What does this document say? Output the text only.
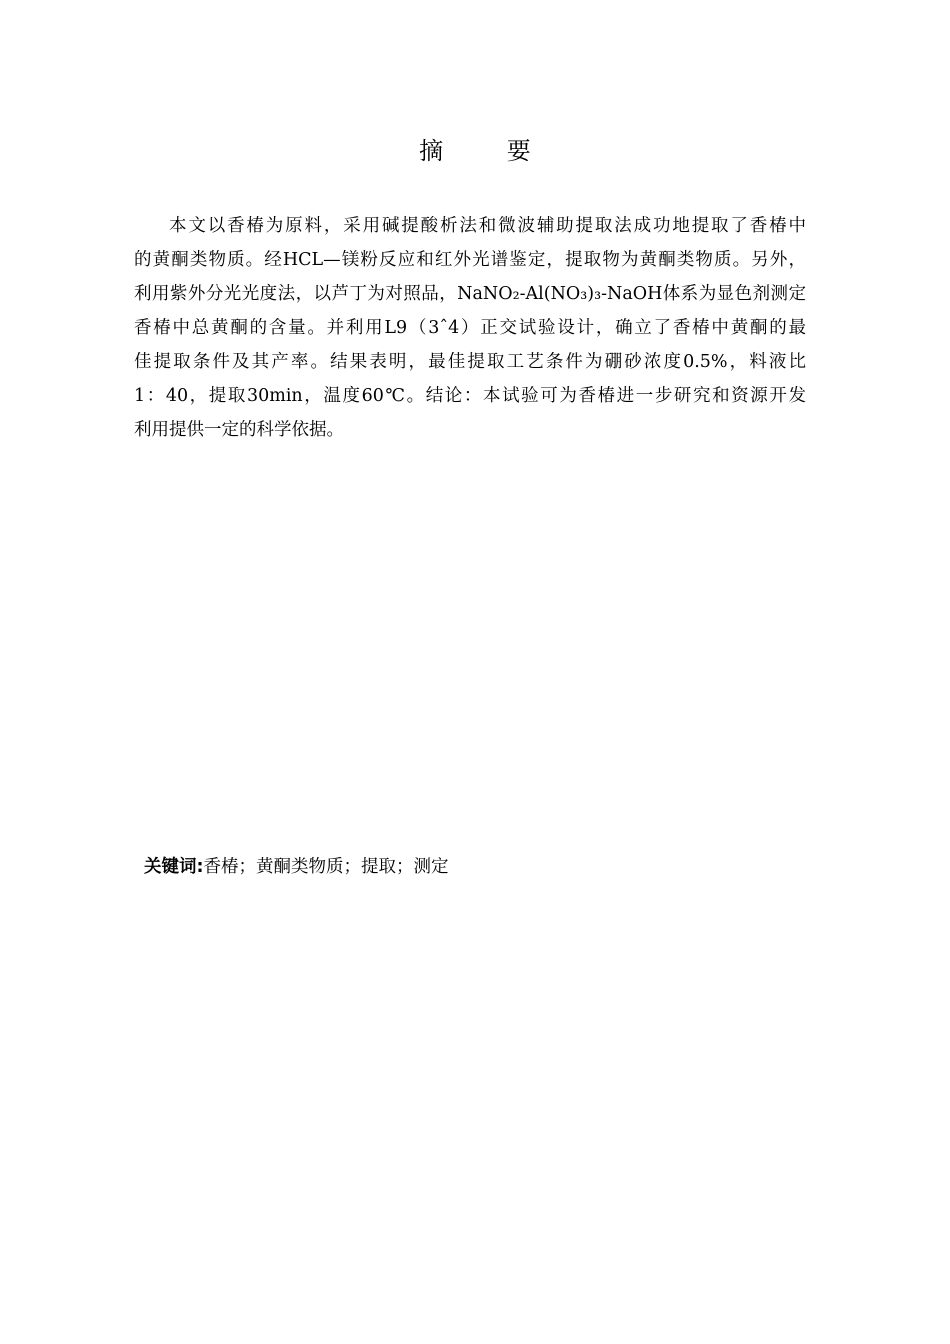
摘 要
本文以香椿为原料，采用碱提酸析法和微波辅助提取法成功地提取了香椿中
的黄酮类物质。经HCL—镁粉反应和红外光谱鉴定，提取物为黄酮类物质。另外，
利用紫外分光光度法，以芦丁为对照品，NaNO₂-Al(NO₃)₃-NaOH体系为显色剂测定
香椿中总黄酮的含量。并利用L9（3ˆ4）正交试验设计，确立了香椿中黄酮的最
佳提取条件及其产率。结果表明，最佳提取工艺条件为硼砂浓度0.5%，料液比
1：40，提取30min，温度60℃。结论：本试验可为香椿进一步研究和资源开发
利用提供一定的科学依据。
关键词:香椿；黄酮类物质；提取；测定
